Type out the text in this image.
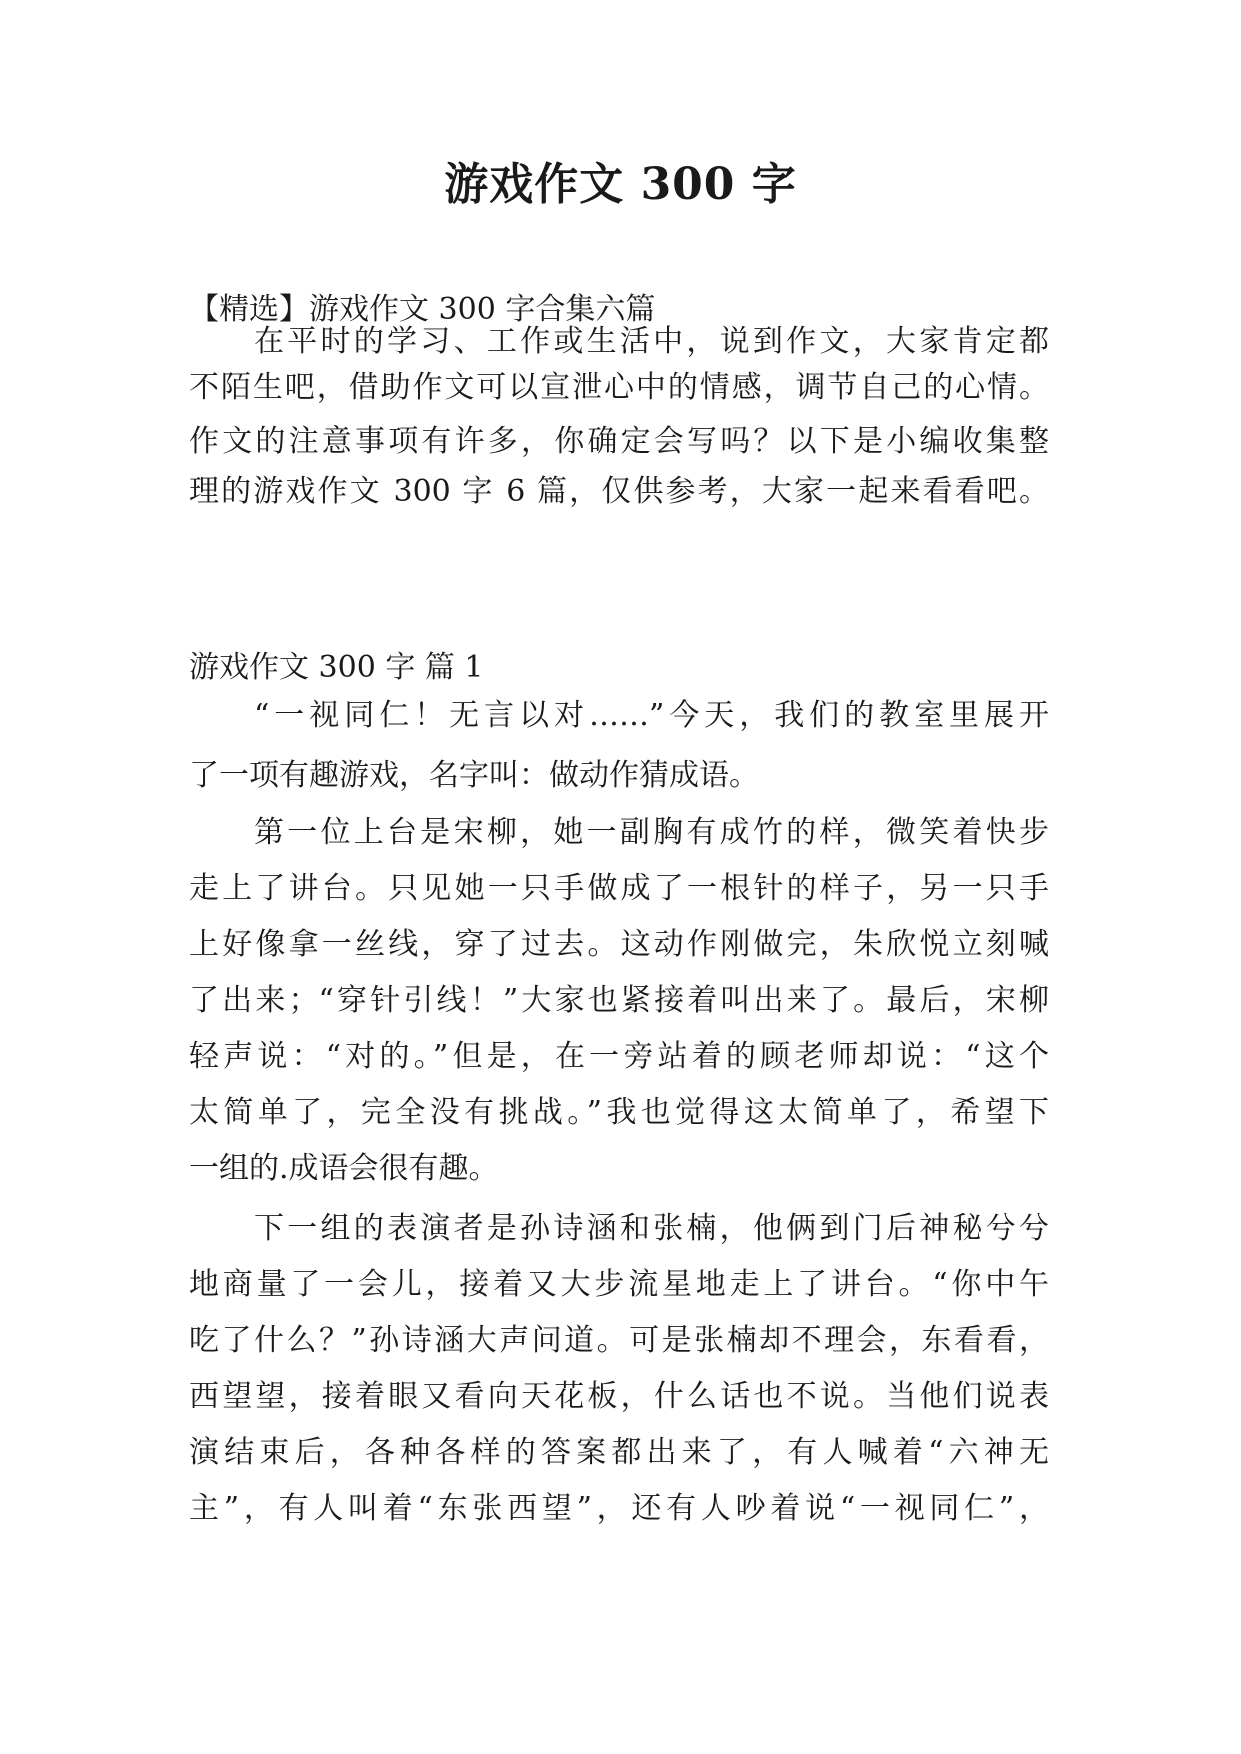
游戏作文 300 字
【精选】游戏作文 300 字合集六篇
在平时的学习、工作或生活中，说到作文，大家肯定都
不陌生吧，借助作文可以宣泄心中的情感，调节自己的心情。
作文的注意事项有许多，你确定会写吗？以下是小编收集整
理的游戏作文 300 字 6 篇，仅供参考，大家一起来看看吧。
游戏作文 300 字 篇 1
“一视同仁！无言以对……”今天，我们的教室里展开
了一项有趣游戏，名字叫：做动作猜成语。
第一位上台是宋柳，她一副胸有成竹的样，微笑着快步
走上了讲台。只见她一只手做成了一根针的样子，另一只手
上好像拿一丝线，穿了过去。这动作刚做完，朱欣悦立刻喊
了出来；“穿针引线！”大家也紧接着叫出来了。最后，宋柳
轻声说：“对的。”但是，在一旁站着的顾老师却说：“这个
太简单了，完全没有挑战。”我也觉得这太简单了，希望下
一组的.成语会很有趣。
下一组的表演者是孙诗涵和张楠，他俩到门后神秘兮兮
地商量了一会儿，接着又大步流星地走上了讲台。“你中午
吃了什么？”孙诗涵大声问道。可是张楠却不理会，东看看，
西望望，接着眼又看向天花板，什么话也不说。当他们说表
演结束后，各种各样的答案都出来了，有人喊着“六神无
主”，有人叫着“东张西望”，还有人吵着说“一视同仁”，
